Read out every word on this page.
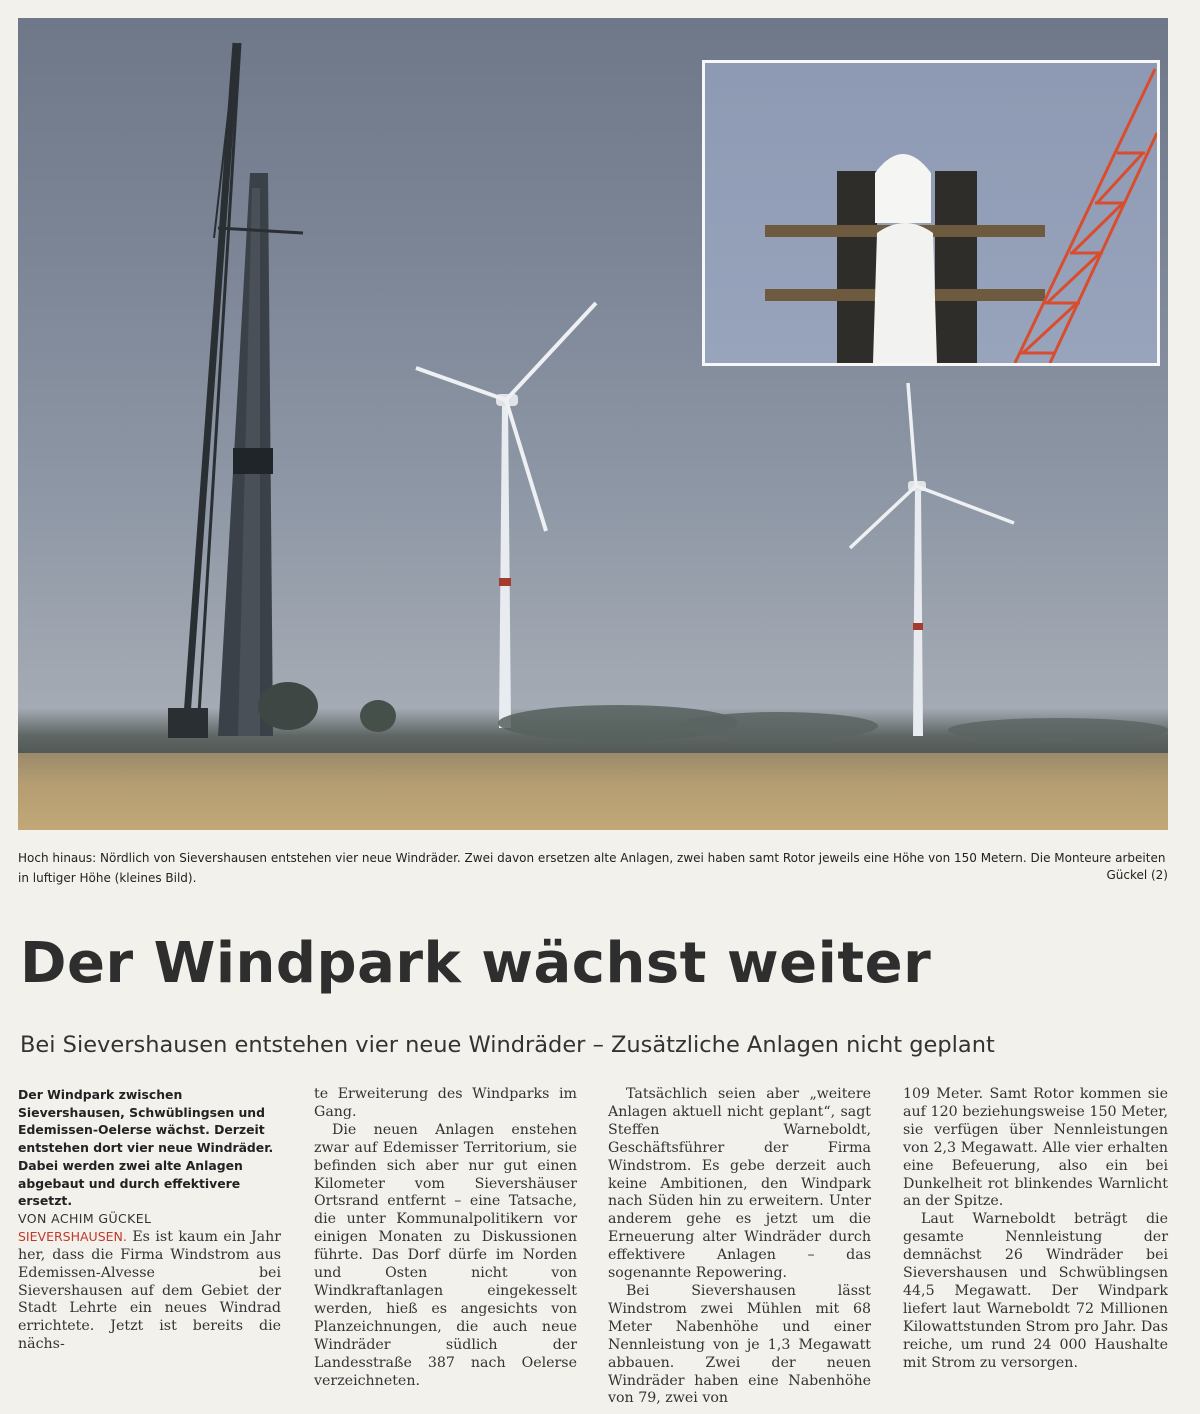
Hoch hinaus: Nördlich von Sievershausen entstehen vier neue Windräder. Zwei davon ersetzen alte Anlagen, zwei haben samt Rotor jeweils eine Höhe von 150 Metern. Die Monteure arbeiten in luftiger Höhe (kleines Bild).	Gückel (2)
Der Windpark wächst weiter
Bei Sievershausen entstehen vier neue Windräder – Zusätzliche Anlagen nicht geplant

Der Windpark zwischen Sievershausen, Schwüblingsen und Edemissen-Oelerse wächst. Derzeit entstehen dort vier neue Windräder. Dabei werden zwei alte Anlagen abgebaut und durch effektivere ersetzt.

VON ACHIM GÜCKEL

SIEVERSHAUSEN. Es ist kaum ein Jahr her, dass die Firma Windstrom aus Edemissen-Alvesse bei Sievershausen auf dem Gebiet der Stadt Lehrte ein neues Windrad errichtete. Jetzt ist bereits die nächs-

te Erweiterung des Windparks im Gang.

Die neuen Anlagen enstehen zwar auf Edemisser Territorium, sie befinden sich aber nur gut einen Kilometer vom Sievershäuser Ortsrand entfernt – eine Tatsache, die unter Kommunalpolitikern vor einigen Monaten zu Diskussionen führte. Das Dorf dürfe im Norden und Osten nicht von Windkraftanlagen eingekesselt werden, hieß es angesichts von Planzeichnungen, die auch neue Windräder südlich der Landesstraße 387 nach Oelerse verzeichneten.

Tatsächlich seien aber „weitere Anlagen aktuell nicht geplant“, sagt Steffen Warneboldt, Geschäftsführer der Firma Windstrom. Es gebe derzeit auch keine Ambitionen, den Windpark nach Süden hin zu erweitern. Unter anderem gehe es jetzt um die Erneuerung alter Windräder durch effektivere Anlagen – das sogenannte Repowering.

Bei Sievershausen lässt Windstrom zwei Mühlen mit 68 Meter Nabenhöhe und einer Nennleistung von je 1,3 Megawatt abbauen. Zwei der neuen Windräder haben eine Nabenhöhe von 79, zwei von

109 Meter. Samt Rotor kommen sie auf 120 beziehungsweise 150 Meter, sie verfügen über Nennleistungen von 2,3 Megawatt. Alle vier erhalten eine Befeuerung, also ein bei Dunkelheit rot blinkendes Warnlicht an der Spitze.

Laut Warneboldt beträgt die gesamte Nennleistung der demnächst 26 Windräder bei Sievershausen und Schwüblingsen 44,5 Megawatt. Der Windpark liefert laut Warneboldt 72 Millionen Kilowattstunden Strom pro Jahr. Das reiche, um rund 24 000 Haushalte mit Strom zu versorgen.
